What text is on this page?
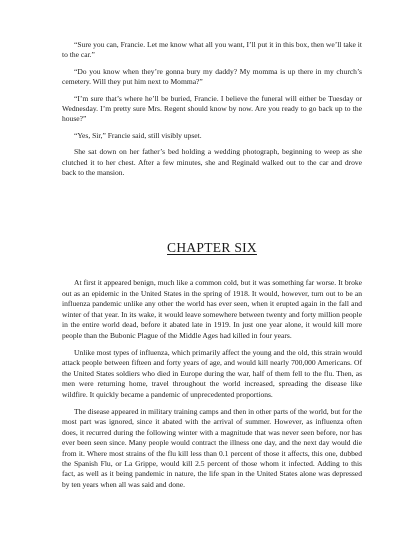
“Sure you can, Francie. Let me know what all you want, I’ll put it in this box, then we’ll take it to the car.”

“Do you know when they’re gonna bury my daddy? My momma is up there in my church’s cemetery. Will they put him next to Momma?”

“I’m sure that’s where he’ll be buried, Francie. I believe the funeral will either be Tuesday or Wednesday. I’m pretty sure Mrs. Regent should know by now. Are you ready to go back up to the house?”

“Yes, Sir,” Francie said, still visibly upset.

She sat down on her father’s bed holding a wedding photograph, beginning to weep as she clutched it to her chest. After a few minutes, she and Reginald walked out to the car and drove back to the mansion.

CHAPTER SIX

At first it appeared benign, much like a common cold, but it was something far worse. It broke out as an epidemic in the United States in the spring of 1918. It would, however, turn out to be an influenza pandemic unlike any other the world has ever seen, when it erupted again in the fall and winter of that year. In its wake, it would leave somewhere between twenty and forty million people in the entire world dead, before it abated late in 1919. In just one year alone, it would kill more people than the Bubonic Plague of the Middle Ages had killed in four years.

Unlike most types of influenza, which primarily affect the young and the old, this strain would attack people between fifteen and forty years of age, and would kill nearly 700,000 Americans. Of the United States soldiers who died in Europe during the war, half of them fell to the flu. Then, as men were returning home, travel throughout the world increased, spreading the disease like wildfire. It quickly became a pandemic of unprecedented proportions.

The disease appeared in military training camps and then in other parts of the world, but for the most part was ignored, since it abated with the arrival of summer. However, as influenza often does, it recurred during the following winter with a magnitude that was never seen before, nor has ever been seen since. Many people would contract the illness one day, and the next day would die from it. Where most strains of the flu kill less than 0.1 percent of those it affects, this one, dubbed the Spanish Flu, or La Grippe, would kill 2.5 percent of those whom it infected. Adding to this fact, as well as it being pandemic in nature, the life span in the United States alone was depressed by ten years when all was said and done.
